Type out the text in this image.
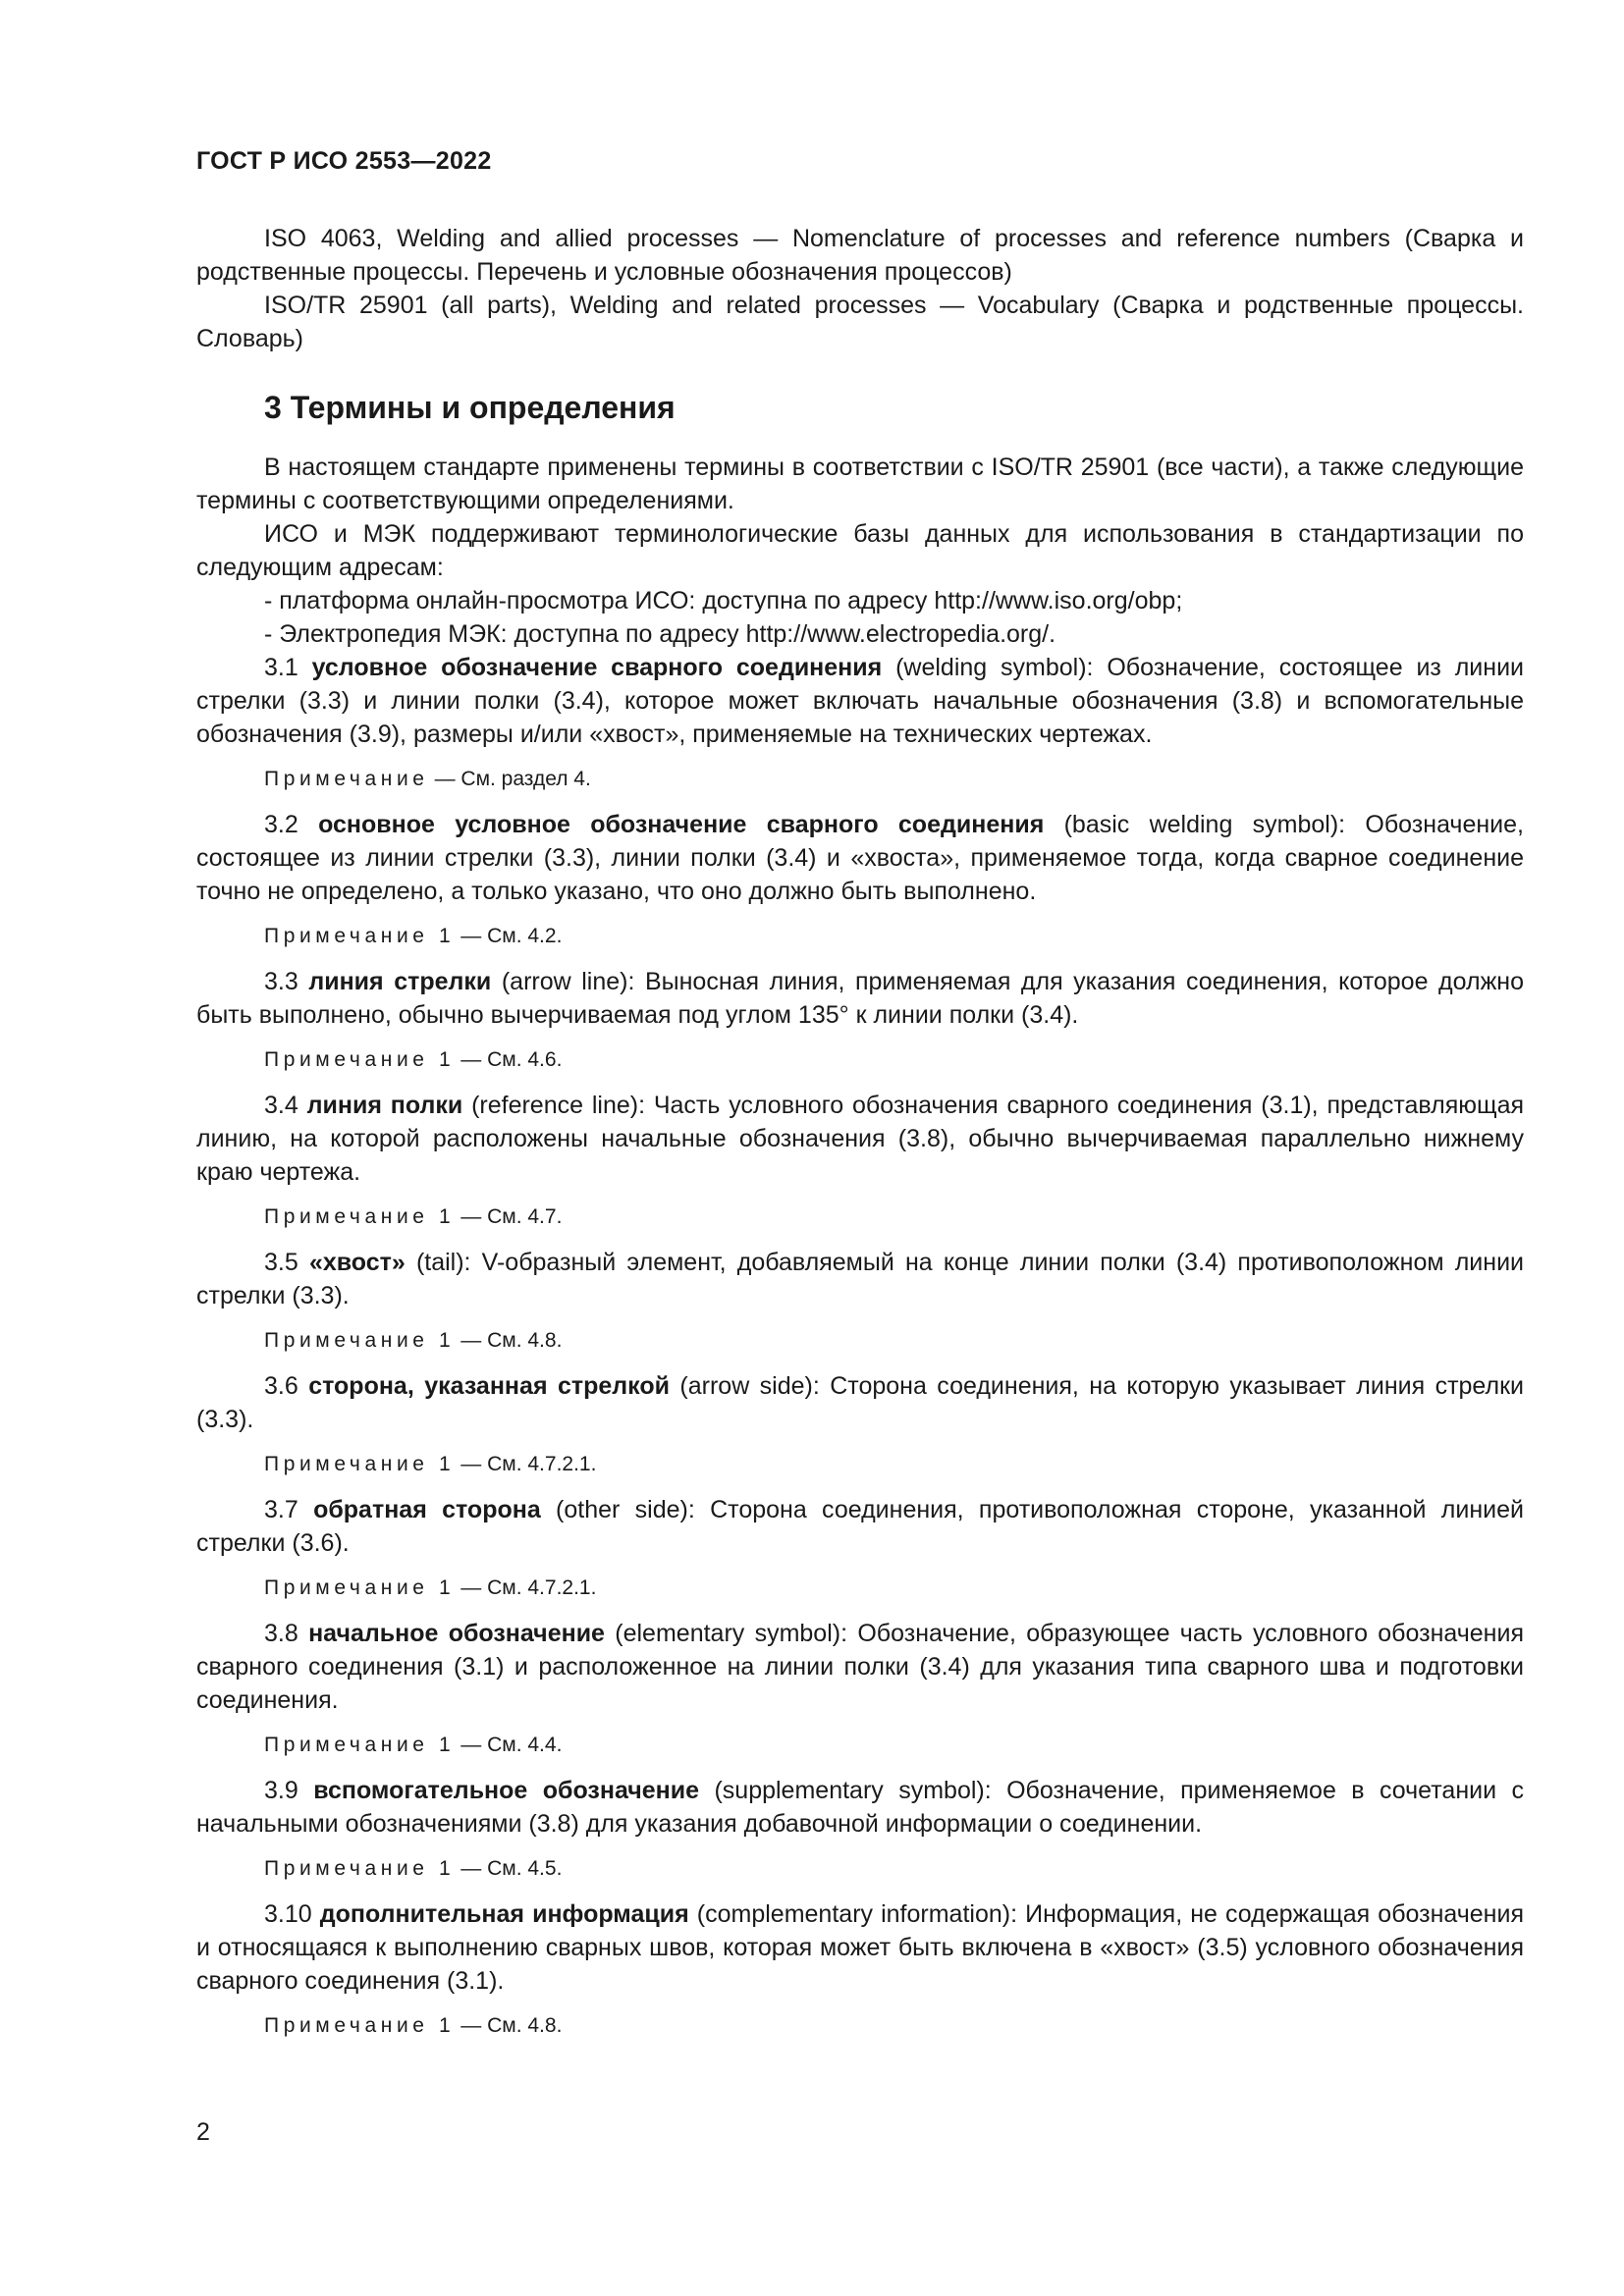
ГОСТ Р ИСО 2553—2022

ISO 4063, Welding and allied processes — Nomenclature of processes and reference numbers (Сварка и родственные процессы. Перечень и условные обозначения процессов)

ISO/TR 25901 (all parts), Welding and related processes — Vocabulary (Сварка и родственные процессы. Словарь)

3 Термины и определения

В настоящем стандарте применены термины в соответствии с ISO/TR 25901 (все части), а также следующие термины с соответствующими определениями.

ИСО и МЭК поддерживают терминологические базы данных для использования в стандартизации по следующим адресам:

- платформа онлайн-просмотра ИСО: доступна по адресу http://www.iso.org/obp;

- Электропедия МЭК: доступна по адресу http://www.electropedia.org/.

3.1 условное обозначение сварного соединения (welding symbol): Обозначение, состоящее из линии стрелки (3.3) и линии полки (3.4), которое может включать начальные обозначения (3.8) и вспомогательные обозначения (3.9), размеры и/или «хвост», применяемые на технических чертежах.

Примечание — См. раздел 4.

3.2 основное условное обозначение сварного соединения (basic welding symbol): Обозначение, состоящее из линии стрелки (3.3), линии полки (3.4) и «хвоста», применяемое тогда, когда сварное соединение точно не определено, а только указано, что оно должно быть выполнено.

Примечание 1 — См. 4.2.

3.3 линия стрелки (arrow line): Выносная линия, применяемая для указания соединения, которое должно быть выполнено, обычно вычерчиваемая под углом 135° к линии полки (3.4).

Примечание 1 — См. 4.6.

3.4 линия полки (reference line): Часть условного обозначения сварного соединения (3.1), представляющая линию, на которой расположены начальные обозначения (3.8), обычно вычерчиваемая параллельно нижнему краю чертежа.

Примечание 1 — См. 4.7.

3.5 «хвост» (tail): V-образный элемент, добавляемый на конце линии полки (3.4) противоположном линии стрелки (3.3).

Примечание 1 — См. 4.8.

3.6 сторона, указанная стрелкой (arrow side): Сторона соединения, на которую указывает линия стрелки (3.3).

Примечание 1 — См. 4.7.2.1.

3.7 обратная сторона (other side): Сторона соединения, противоположная стороне, указанной линией стрелки (3.6).

Примечание 1 — См. 4.7.2.1.

3.8 начальное обозначение (elementary symbol): Обозначение, образующее часть условного обозначения сварного соединения (3.1) и расположенное на линии полки (3.4) для указания типа сварного шва и подготовки соединения.

Примечание 1 — См. 4.4.

3.9 вспомогательное обозначение (supplementary symbol): Обозначение, применяемое в сочетании с начальными обозначениями (3.8) для указания добавочной информации о соединении.

Примечание 1 — См. 4.5.

3.10 дополнительная информация (complementary information): Информация, не содержащая обозначения и относящаяся к выполнению сварных швов, которая может быть включена в «хвост» (3.5) условного обозначения сварного соединения (3.1).

Примечание 1 — См. 4.8.
2
